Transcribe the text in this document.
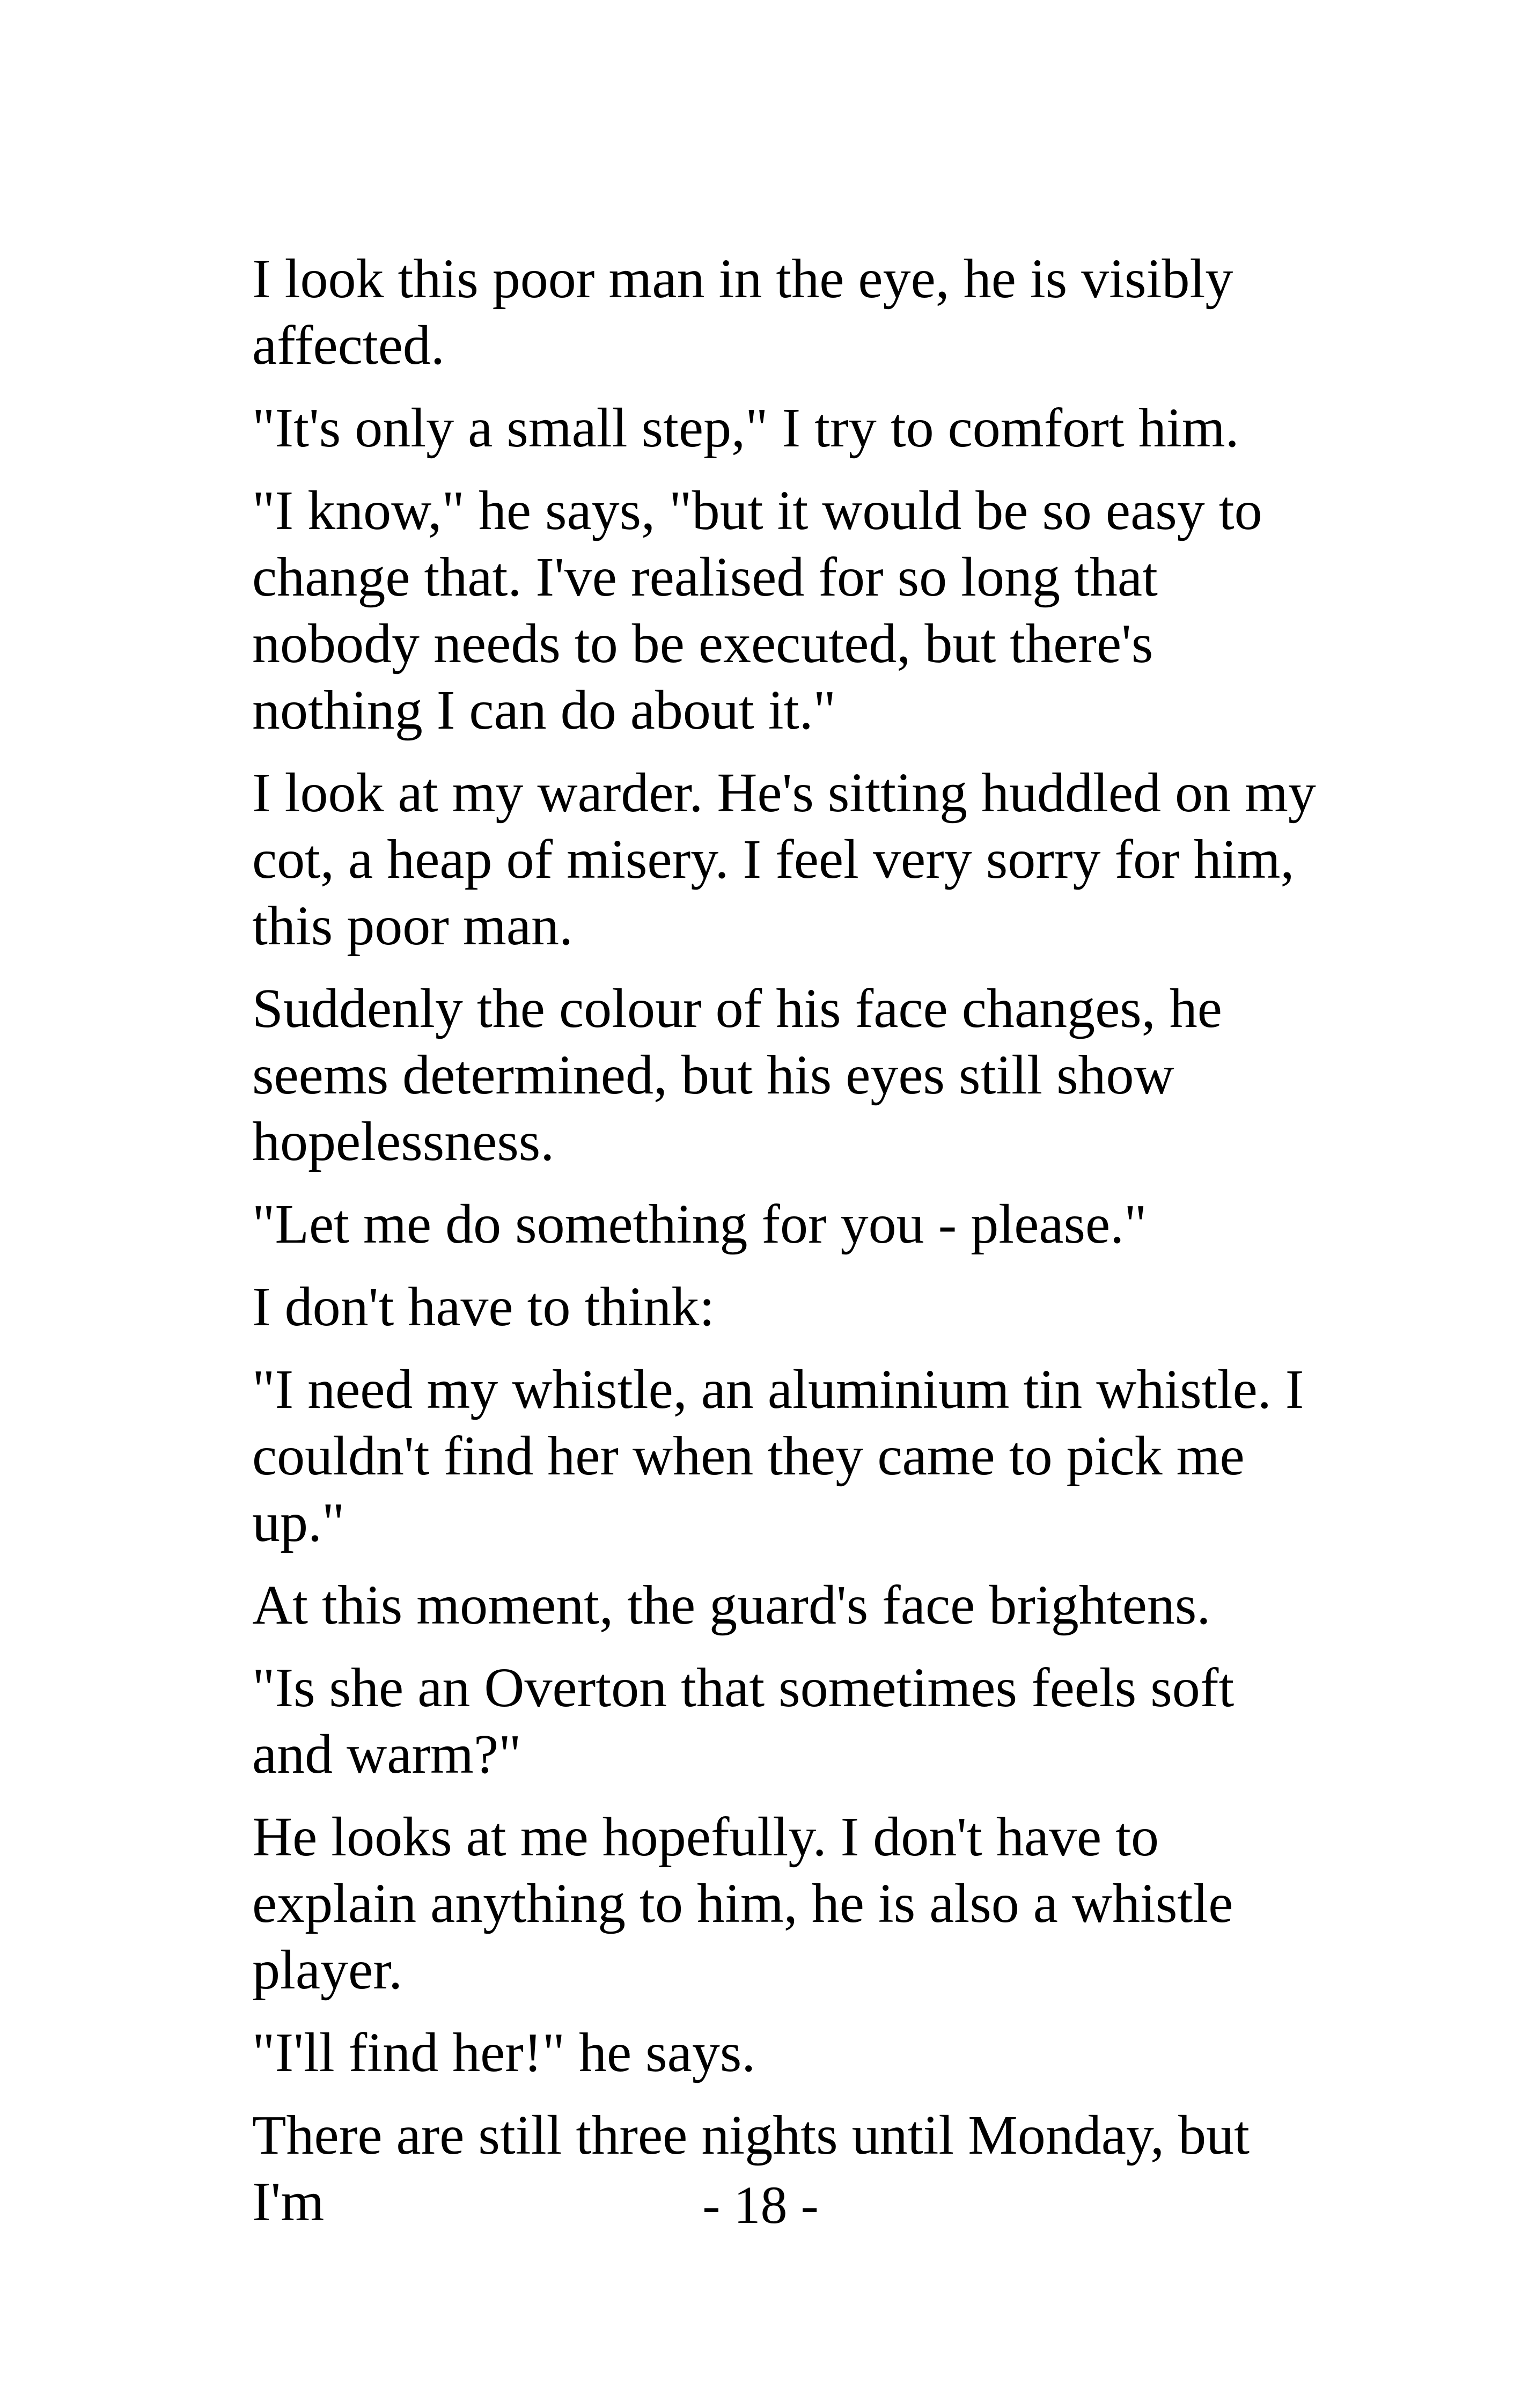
I look this poor man in the eye, he is visibly affected.

"It's only a small step," I try to comfort him.

"I know," he says, "but it would be so easy to change that. I've realised for so long that nobody needs to be executed, but there's nothing I can do about it."

I look at my warder. He's sitting huddled on my cot, a heap of misery. I feel very sorry for him, this poor man.

Suddenly the colour of his face changes, he seems determined, but his eyes still show hopelessness.

"Let me do something for you - please."

I don't have to think:

"I need my whistle, an aluminium tin whistle. I couldn't find her when they came to pick me up."

At this moment, the guard's face brightens.

"Is she an Overton that sometimes feels soft and warm?"

He looks at me hopefully. I don't have to explain anything to him, he is also a whistle player.

"I'll find her!" he says.

There are still three nights until Monday, but I'm	- 18 -
